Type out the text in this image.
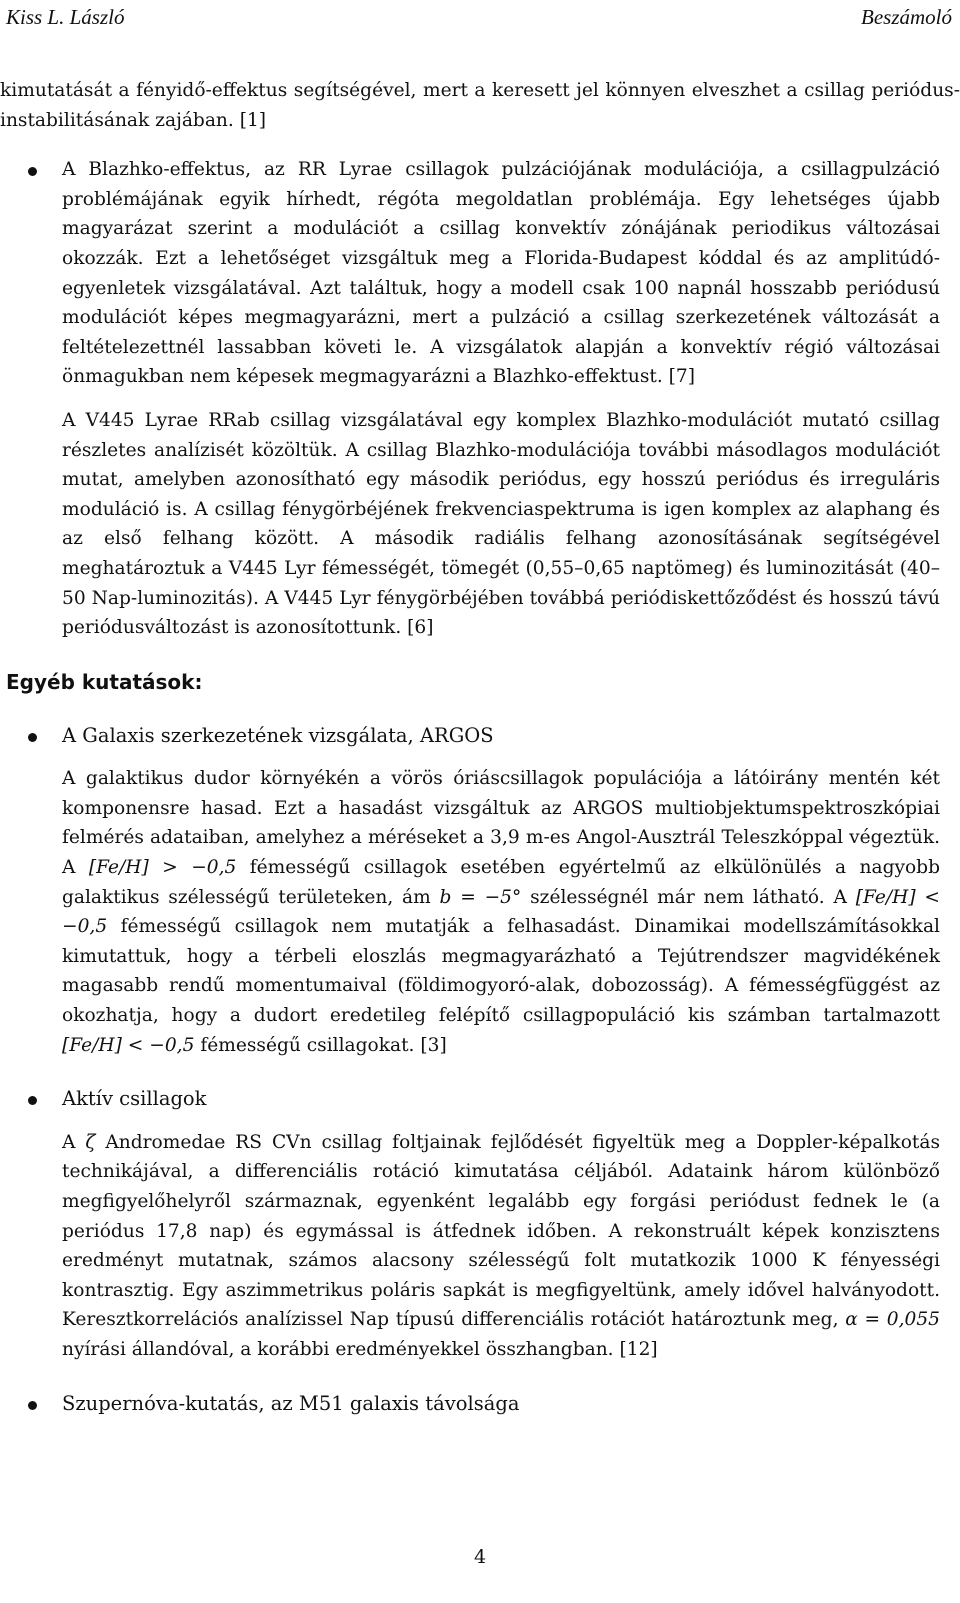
Kiss L. László	Beszámoló

kimutatását a fényidő-effektus segítségével, mert a keresett jel könnyen elveszhet a csillag periódus-instabilitásának zajában. [1]

A Blazhko-effektus, az RR Lyrae csillagok pulzációjának modulációja, a csillagpulzáció problémájának egyik hírhedt, régóta megoldatlan problémája. Egy lehetséges újabb magyarázat szerint a modulációt a csillag konvektív zónájának periodikus változásai okozzák. Ezt a lehetőséget vizsgáltuk meg a Florida-Budapest kóddal és az amplitúdó-egyenletek vizsgálatával. Azt találtuk, hogy a modell csak 100 napnál hosszabb periódusú modulációt képes megmagyarázni, mert a pulzáció a csillag szerkezetének változását a feltételezettnél lassabban követi le. A vizsgálatok alapján a konvektív régió változásai önmagukban nem képesek megmagyarázni a Blazhko-effektust. [7]

A V445 Lyrae RRab csillag vizsgálatával egy komplex Blazhko-modulációt mutató csillag részletes analízisét közöltük. A csillag Blazhko-modulációja további másodlagos modulációt mutat, amelyben azonosítható egy második periódus, egy hosszú periódus és irreguláris moduláció is. A csillag fénygörbéjének frekvenciaspektruma is igen komplex az alaphang és az első felhang között. A második radiális felhang azonosításának segítségével meghatároztuk a V445 Lyr fémességét, tömegét (0,55–0,65 naptömeg) és luminozitását (40–50 Nap-luminozitás). A V445 Lyr fénygörbéjében továbbá periódiskettőződést és hosszú távú periódusváltozást is azonosítottunk. [6]

Egyéb kutatások:

A Galaxis szerkezetének vizsgálata, ARGOS

A galaktikus dudor környékén a vörös óriáscsillagok populációja a látóirány mentén két komponensre hasad. Ezt a hasadást vizsgáltuk az ARGOS multiobjektumspektroszkópiai felmérés adataiban, amelyhez a méréseket a 3,9 m-es Angol-Ausztrál Teleszkóppal végeztük. A [Fe/H] > −0,5 fémességű csillagok esetében egyértelmű az elkülönülés a nagyobb galaktikus szélességű területeken, ám b = −5° szélességnél már nem látható. A [Fe/H] < −0,5 fémességű csillagok nem mutatják a felhasadást. Dinamikai modellszámításokkal kimutattuk, hogy a térbeli eloszlás megmagyarázható a Tejútrendszer magvidékének magasabb rendű momentumaival (földimogyoró-alak, dobozosság). A fémességfüggést az okozhatja, hogy a dudort eredetileg felépítő csillagpopuláció kis számban tartalmazott [Fe/H] < −0,5 fémességű csillagokat. [3]

Aktív csillagok

A ζ Andromedae RS CVn csillag foltjainak fejlődését figyeltük meg a Doppler-képalkotás technikájával, a differenciális rotáció kimutatása céljából. Adataink három különböző megfigyelőhelyről származnak, egyenként legalább egy forgási periódust fednek le (a periódus 17,8 nap) és egymással is átfednek időben. A rekonstruált képek konzisztens eredményt mutatnak, számos alacsony szélességű folt mutatkozik 1000 K fényességi kontrasztig. Egy aszimmetrikus poláris sapkát is megfigyeltünk, amely idővel halványodott. Keresztkorrelációs analízissel Nap típusú differenciális rotációt határoztunk meg, α = 0,055 nyírási állandóval, a korábbi eredményekkel összhangban. [12]

Szupernóva-kutatás, az M51 galaxis távolsága

4
